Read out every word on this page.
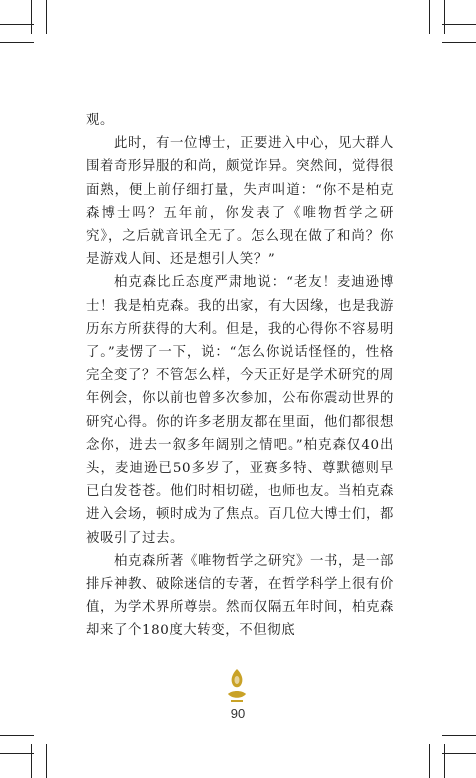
观。

此时，有一位博士，正要进入中心，见大群人围着奇形异服的和尚，颇觉诈异。突然间，觉得很面熟，便上前仔细打量，失声叫道：“你不是柏克森博士吗？五年前，你发表了《唯物哲学之研究》，之后就音讯全无了。怎么现在做了和尚？你是游戏人间、还是想引人笑？”

柏克森比丘态度严肃地说：“老友！麦迪逊博士！我是柏克森。我的出家，有大因缘，也是我游历东方所获得的大利。但是，我的心得你不容易明了。”麦愣了一下，说：“怎么你说话怪怪的，性格完全变了？不管怎么样，今天正好是学术研究的周年例会，你以前也曾多次参加，公布你震动世界的研究心得。你的许多老朋友都在里面，他们都很想念你，进去一叙多年阔别之情吧。”柏克森仅40出头，麦迪逊已50多岁了，亚赛多特、尊默德则早已白发苍苍。他们时相切磋，也师也友。当柏克森进入会场，顿时成为了焦点。百几位大博士们，都被吸引了过去。

柏克森所著《唯物哲学之研究》一书，是一部排斥神教、破除迷信的专著，在哲学科学上很有价值，为学术界所尊崇。然而仅隔五年时间，柏克森却来了个180度大转变，不但彻底

90
